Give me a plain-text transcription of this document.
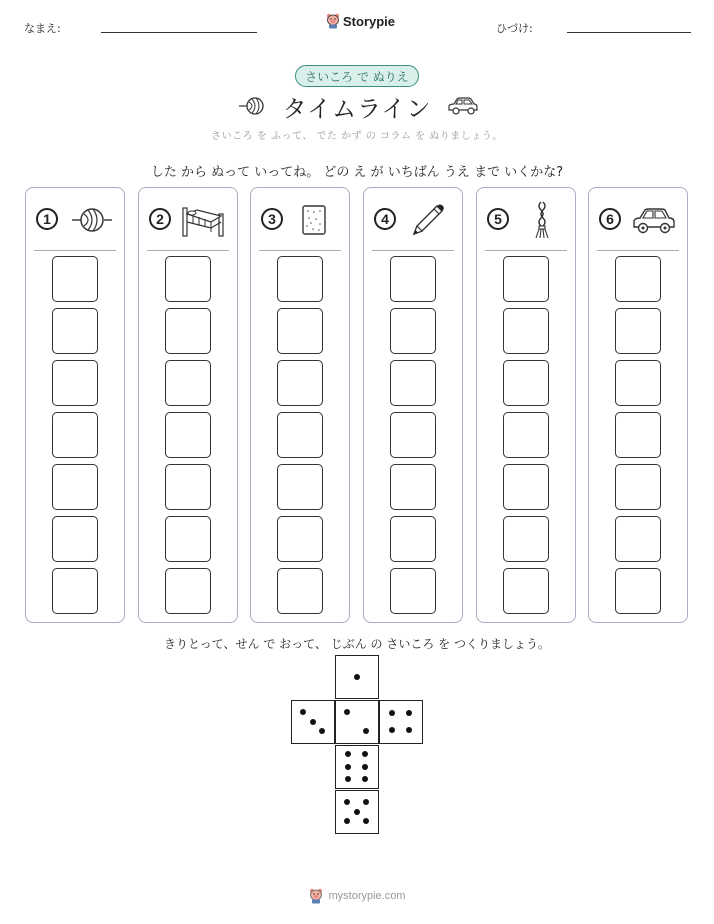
なまえ:	Storypie	ひづけ:
さいころ で ぬりえ
タイムライン
さいころ を ふって、 でた かず の コラム を ぬりましょう。
した から ぬって いってね。 どの え が いちばん うえ まで いくかな?
1	2	3	4	5	6
きりとって、せん で おって、 じぶん の さいころ を つくりましょう。
mystorypie.com
